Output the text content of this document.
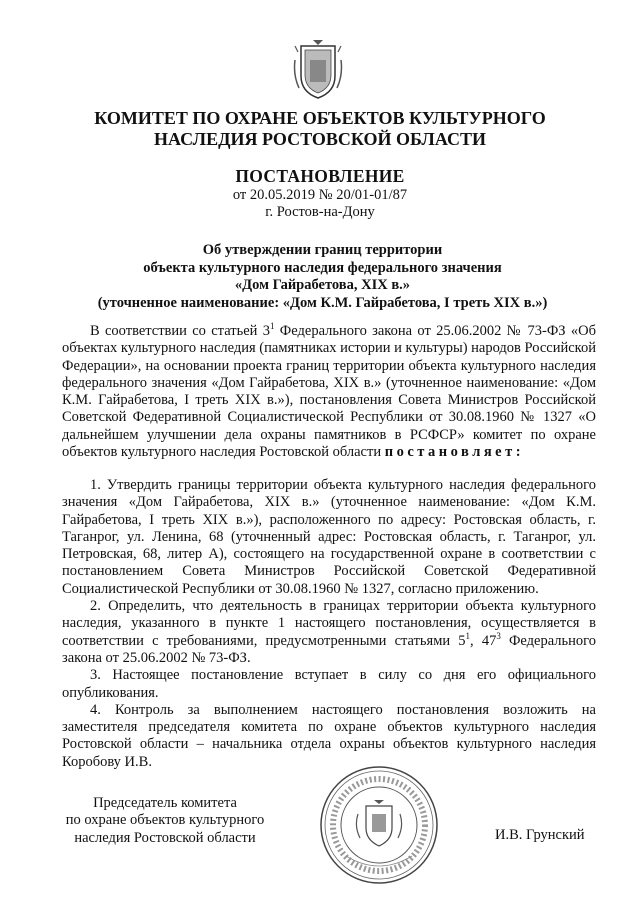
КОМИТЕТ ПО ОХРАНЕ ОБЪЕКТОВ КУЛЬТУРНОГО
НАСЛЕДИЯ РОСТОВСКОЙ ОБЛАСТИ
ПОСТАНОВЛЕНИЕ
от 20.05.2019 № 20/01-01/87
г. Ростов-на-Дону
Об утверждении границ территории
объекта культурного наследия федерального значения
«Дом Гайрабетова, XIX в.»
(уточненное наименование: «Дом К.М. Гайрабетова, I треть XIX в.»)

В соответствии со статьей $3^1$ Федерального закона от 25.06.2002 № 73-ФЗ «Об объектах культурного наследия (памятниках истории и культуры) народов Российской Федерации», на основании проекта границ территории объекта культурного наследия федерального значения «Дом Гайрабетова, XIX в.» (уточненное наименование: «Дом К.М. Гайрабетова, I треть XIX в.»), постановления Совета Министров Российской Советской Федеративной Социалистической Республики от 30.08.1960 № 1327 «О дальнейшем улучшении дела охраны памятников в РСФСР» комитет по охране объектов культурного наследия Ростовской области постановляет:

1. Утвердить границы территории объекта культурного наследия федерального значения «Дом Гайрабетова, XIX в.» (уточненное наименование: «Дом К.М. Гайрабетова, I треть XIX в.»), расположенного по адресу: Ростовская область, г. Таганрог, ул. Ленина, 68 (уточненный адрес: Ростовская область, г. Таганрог, ул. Петровская, 68, литер А), состоящего на государственной охране в соответствии с постановлением Совета Министров Российской Советской Федеративной Социалистической Республики от 30.08.1960 № 1327, согласно приложению.

2. Определить, что деятельность в границах территории объекта культурного наследия, указанного в пункте 1 настоящего постановления, осуществляется в соответствии с требованиями, предусмотренными статьями $5^1$, $47^3$ Федерального закона от 25.06.2002 № 73-ФЗ.

3. Настоящее постановление вступает в силу со дня его официального опубликования.

4. Контроль за выполнением настоящего постановления возложить на заместителя председателя комитета по охране объектов культурного наследия Ростовской области – начальника отдела охраны объектов культурного наследия Коробову И.В.

Председатель комитета
по охране объектов культурного
наследия Ростовской области	И.В. Грунский
